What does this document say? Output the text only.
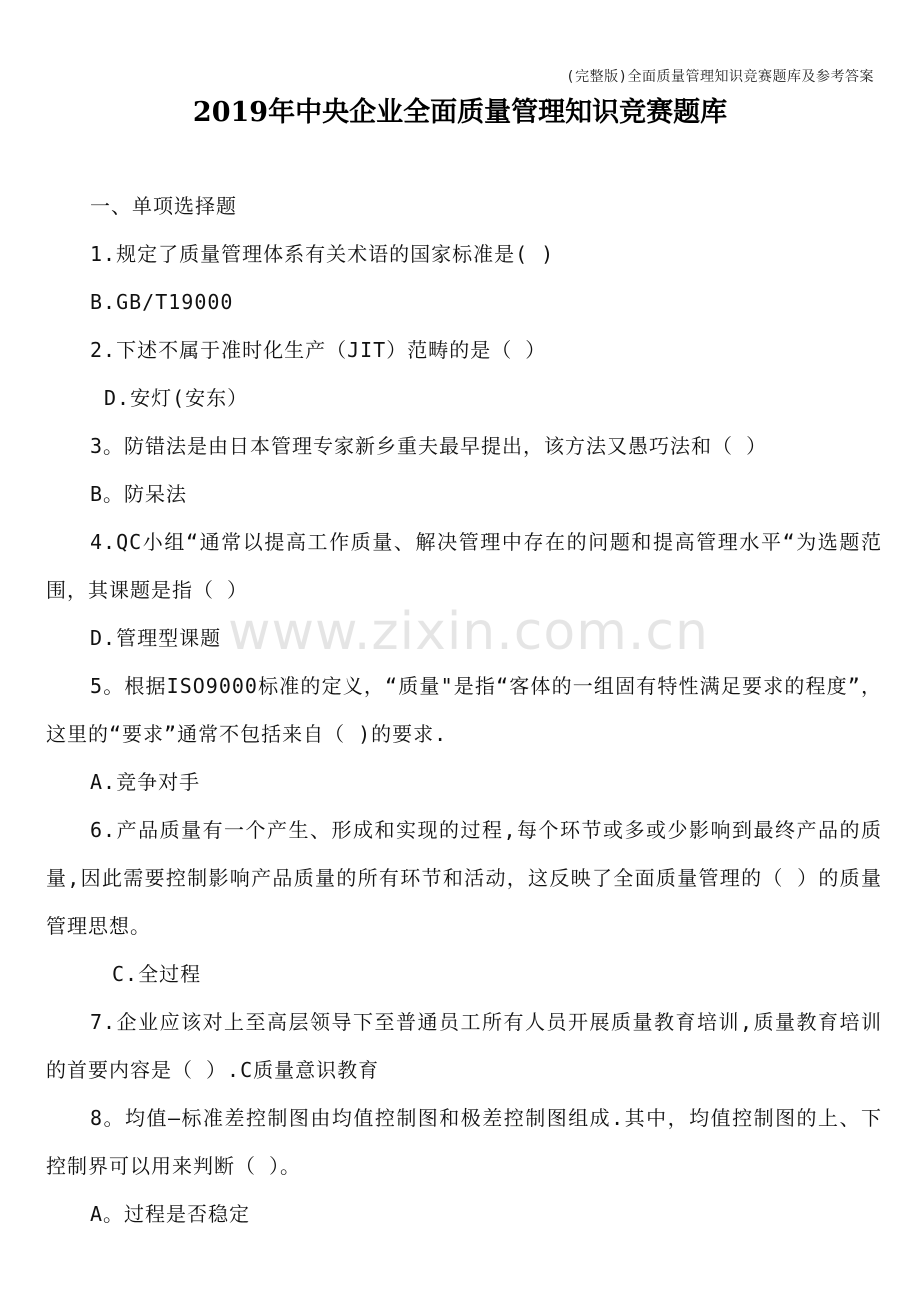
(完整版)全面质量管理知识竞赛题库及参考答案
2019年中央企业全面质量管理知识竞赛题库
www.zixin.com.cn
一、单项选择题
1.规定了质量管理体系有关术语的国家标准是( )
B.GB/T19000
2.下述不属于准时化生产（JIT）范畴的是（ ）
D.安灯(安东）
3。防错法是由日本管理专家新乡重夫最早提出，该方法又愚巧法和（ ）
B。防呆法
4.QC小组“通常以提高工作质量、解决管理中存在的问题和提高管理水平“为选题范围，其课题是指（ ）
D.管理型课题
5。根据ISO9000标准的定义，“质量"是指“客体的一组固有特性满足要求的程度”，这里的“要求”通常不包括来自（ )的要求.
A.竞争对手
6.产品质量有一个产生、形成和实现的过程,每个环节或多或少影响到最终产品的质量,因此需要控制影响产品质量的所有环节和活动，这反映了全面质量管理的（ ）的质量管理思想。
C.全过程
7.企业应该对上至高层领导下至普通员工所有人员开展质量教育培训,质量教育培训的首要内容是（ ）.C质量意识教育
8。均值—标准差控制图由均值控制图和极差控制图组成.其中，均值控制图的上、下控制界可以用来判断（ ）。
A。过程是否稳定
